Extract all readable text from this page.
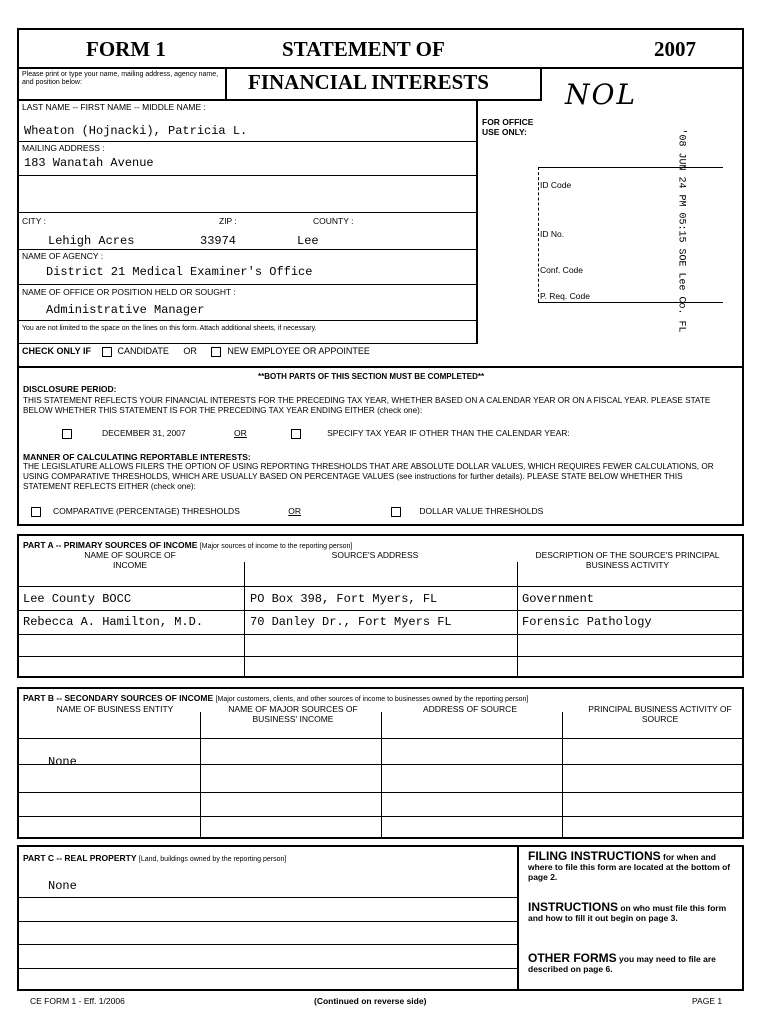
FORM 1	STATEMENT OF	2007
Please print or type your name, mailing address, agency name, and position below:	FINANCIAL INTERESTS	NOL
LAST NAME -- FIRST NAME -- MIDDLE NAME :
Wheaton (Hojnacki), Patricia L.
MAILING ADDRESS :
183 Wanatah Avenue
CITY :	ZIP :	COUNTY :
Lehigh Acres	33974	Lee
NAME OF AGENCY :
District 21 Medical Examiner's Office
NAME OF OFFICE OR POSITION HELD OR SOUGHT :
Administrative Manager
You are not limited to the space on the lines on this form. Attach additional sheets, if necessary.
CHECK ONLY IF	CANDIDATE OR	NEW EMPLOYEE OR APPOINTEE
FOR OFFICE
USE ONLY:
ID Code
ID No.
Conf. Code
P. Req. Code	'08 JUN 24 PM 05:15 SOE Lee Co. FL
**BOTH PARTS OF THIS SECTION MUST BE COMPLETED**
DISCLOSURE PERIOD:
THIS STATEMENT REFLECTS YOUR FINANCIAL INTERESTS FOR THE PRECEDING TAX YEAR, WHETHER BASED ON A CALENDAR YEAR OR ON A FISCAL YEAR. PLEASE STATE BELOW WHETHER THIS STATEMENT IS FOR THE PRECEDING TAX YEAR ENDING EITHER (check one):
DECEMBER 31, 2007	OR	SPECIFY TAX YEAR IF OTHER THAN THE CALENDAR YEAR:
MANNER OF CALCULATING REPORTABLE INTERESTS:
THE LEGISLATURE ALLOWS FILERS THE OPTION OF USING REPORTING THRESHOLDS THAT ARE ABSOLUTE DOLLAR VALUES, WHICH REQUIRES FEWER CALCULATIONS, OR USING COMPARATIVE THRESHOLDS, WHICH ARE USUALLY BASED ON PERCENTAGE VALUES (see instructions for further details). PLEASE STATE BELOW WHETHER THIS STATEMENT REFLECTS EITHER (check one):
COMPARATIVE (PERCENTAGE) THRESHOLDS	OR	DOLLAR VALUE THRESHOLDS
PART A -- PRIMARY SOURCES OF INCOME [Major sources of income to the reporting person]
NAME OF SOURCE OF INCOME
SOURCE'S ADDRESS	DESCRIPTION OF THE SOURCE'S PRINCIPAL BUSINESS ACTIVITY
Lee County BOCC	PO Box 398, Fort Myers, FL	Government
Rebecca A. Hamilton, M.D.	70 Danley Dr., Fort Myers FL	Forensic Pathology
PART B -- SECONDARY SOURCES OF INCOME [Major customers, clients, and other sources of income to businesses owned by the reporting person]
NAME OF BUSINESS ENTITY	NAME OF MAJOR SOURCES OF BUSINESS' INCOME
ADDRESS OF SOURCE	PRINCIPAL BUSINESS ACTIVITY OF SOURCE
None
PART C -- REAL PROPERTY [Land, buildings owned by the reporting person]
None
FILING INSTRUCTIONS for when and where to file this form are located at the bottom of page 2.
INSTRUCTIONS on who must file this form and how to fill it out begin on page 3.
OTHER FORMS you may need to file are described on page 6.
CE FORM 1 - Eff. 1/2006	(Continued on reverse side)	PAGE 1
